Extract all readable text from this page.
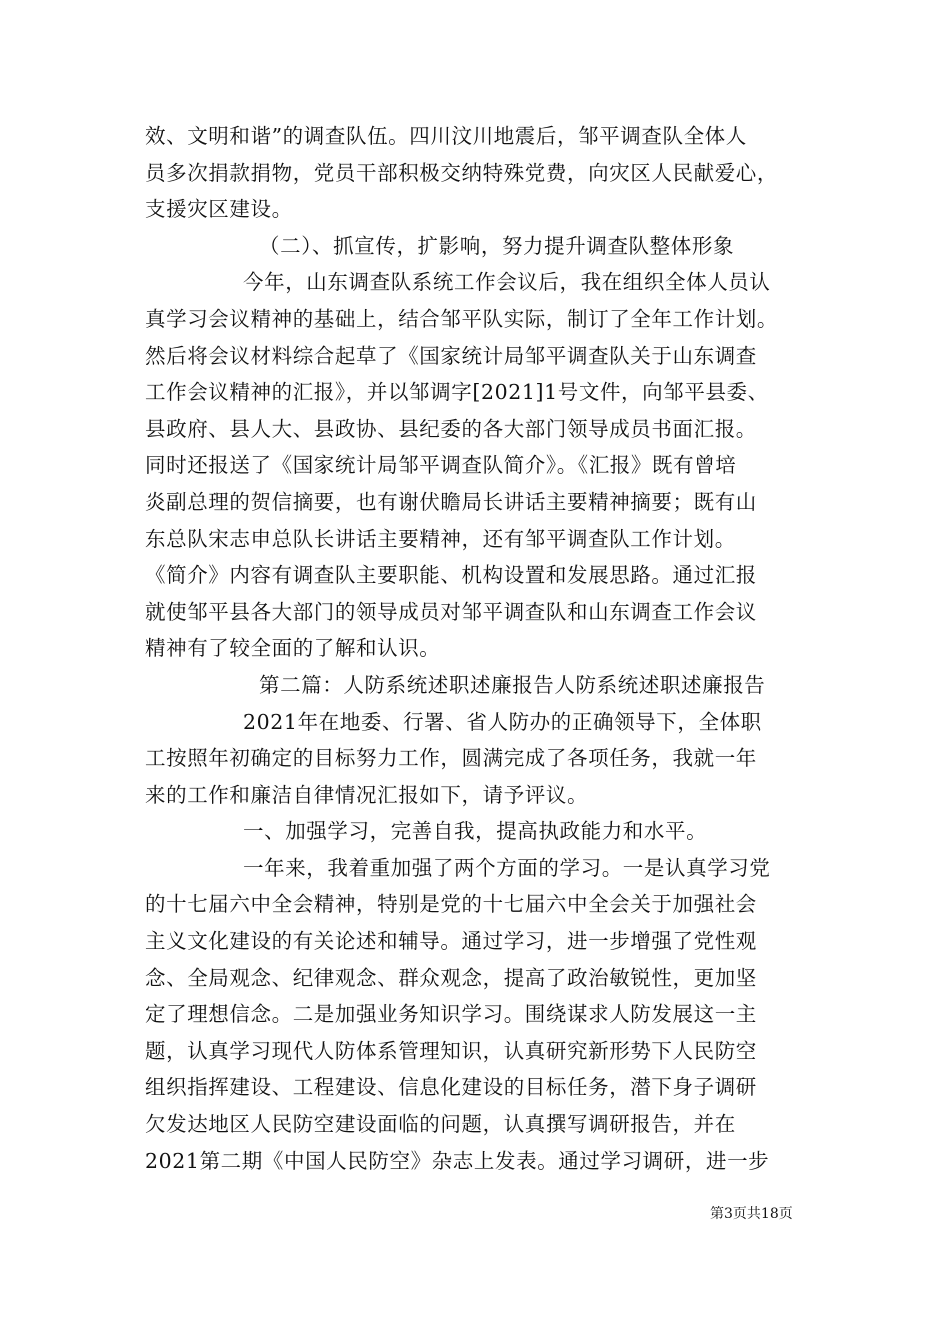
效、文明和谐”的调查队伍。四川汶川地震后，邹平调查队全体人
员多次捐款捐物，党员干部积极交纳特殊党费，向灾区人民献爱心，
支援灾区建设。
（二）、抓宣传，扩影响，努力提升调查队整体形象
今年，山东调查队系统工作会议后，我在组织全体人员认
真学习会议精神的基础上，结合邹平队实际，制订了全年工作计划。
然后将会议材料综合起草了《国家统计局邹平调查队关于山东调查
工作会议精神的汇报》，并以邹调字[2021]1号文件，向邹平县委、
县政府、县人大、县政协、县纪委的各大部门领导成员书面汇报。
同时还报送了《国家统计局邹平调查队简介》。《汇报》既有曾培
炎副总理的贺信摘要，也有谢伏瞻局长讲话主要精神摘要；既有山
东总队宋志申总队长讲话主要精神，还有邹平调查队工作计划。
《简介》内容有调查队主要职能、机构设置和发展思路。通过汇报
就使邹平县各大部门的领导成员对邹平调查队和山东调查工作会议
精神有了较全面的了解和认识。
第二篇：人防系统述职述廉报告人防系统述职述廉报告
2021年在地委、行署、省人防办的正确领导下，全体职
工按照年初确定的目标努力工作，圆满完成了各项任务，我就一年
来的工作和廉洁自律情况汇报如下，请予评议。
一、加强学习，完善自我，提高执政能力和水平。
一年来，我着重加强了两个方面的学习。一是认真学习党
的十七届六中全会精神，特别是党的十七届六中全会关于加强社会
主义文化建设的有关论述和辅导。通过学习，进一步增强了党性观
念、全局观念、纪律观念、群众观念，提高了政治敏锐性，更加坚
定了理想信念。二是加强业务知识学习。围绕谋求人防发展这一主
题，认真学习现代人防体系管理知识，认真研究新形势下人民防空
组织指挥建设、工程建设、信息化建设的目标任务，潜下身子调研
欠发达地区人民防空建设面临的问题，认真撰写调研报告，并在
2021第二期《中国人民防空》杂志上发表。通过学习调研，进一步
第3页共18页
